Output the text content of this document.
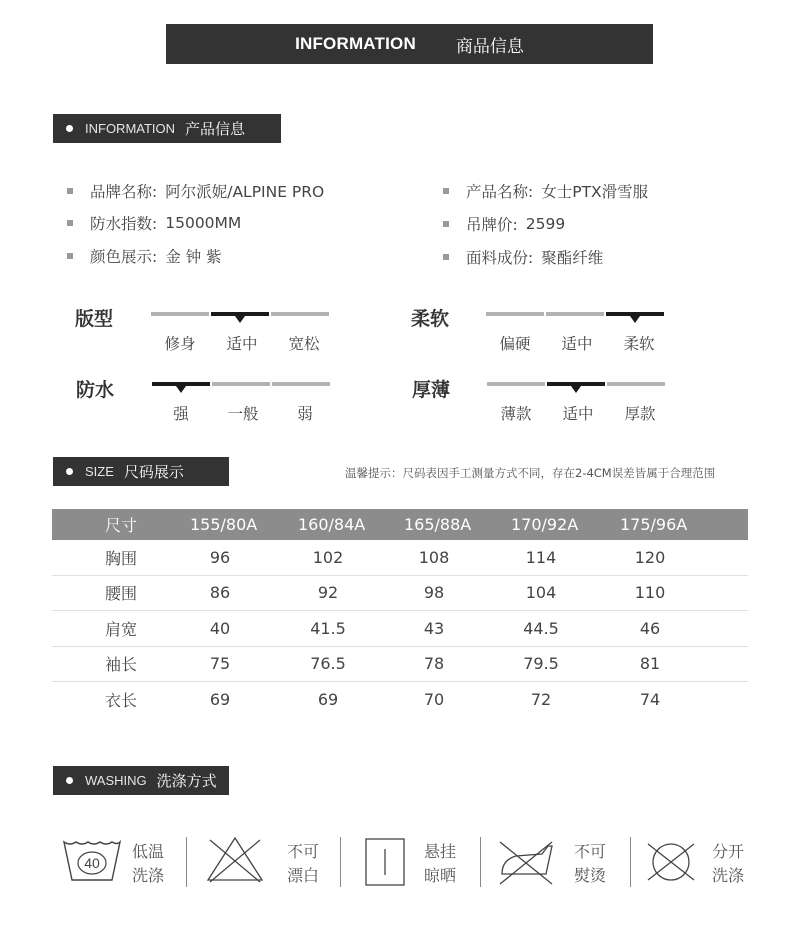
INFORMATION 商品信息
INFORMATION 产品信息
品牌名称: 阿尔派妮/ALPINE PRO
防水指数: 15000MM
颜色展示: 金 钟 紫
产品名称: 女士PTX滑雪服
吊牌价: 2599
面料成份: 聚酯纤维
版型
修身	适中	宽松
柔软
偏硬	适中	柔软
防水
强	一般	弱
厚薄
薄款	适中	厚款
SIZE 尺码展示	温馨提示：尺码表因手工测量方式不同，存在2-4CM误差皆属于合理范围
尺寸	155/80A	160/84A 165/88A 170/92A	175/96A
胸围	96	102	108	114	120
腰围	86	92	98	104	110
肩宽	40	41.5	43	44.5	46
袖长	75	76.5	78	79.5	81
衣长	69	69	70	72	74
WASHING 洗涤方式
40
低温
洗涤
不可
漂白
悬挂
晾晒
不可
熨烫
分开
洗涤
